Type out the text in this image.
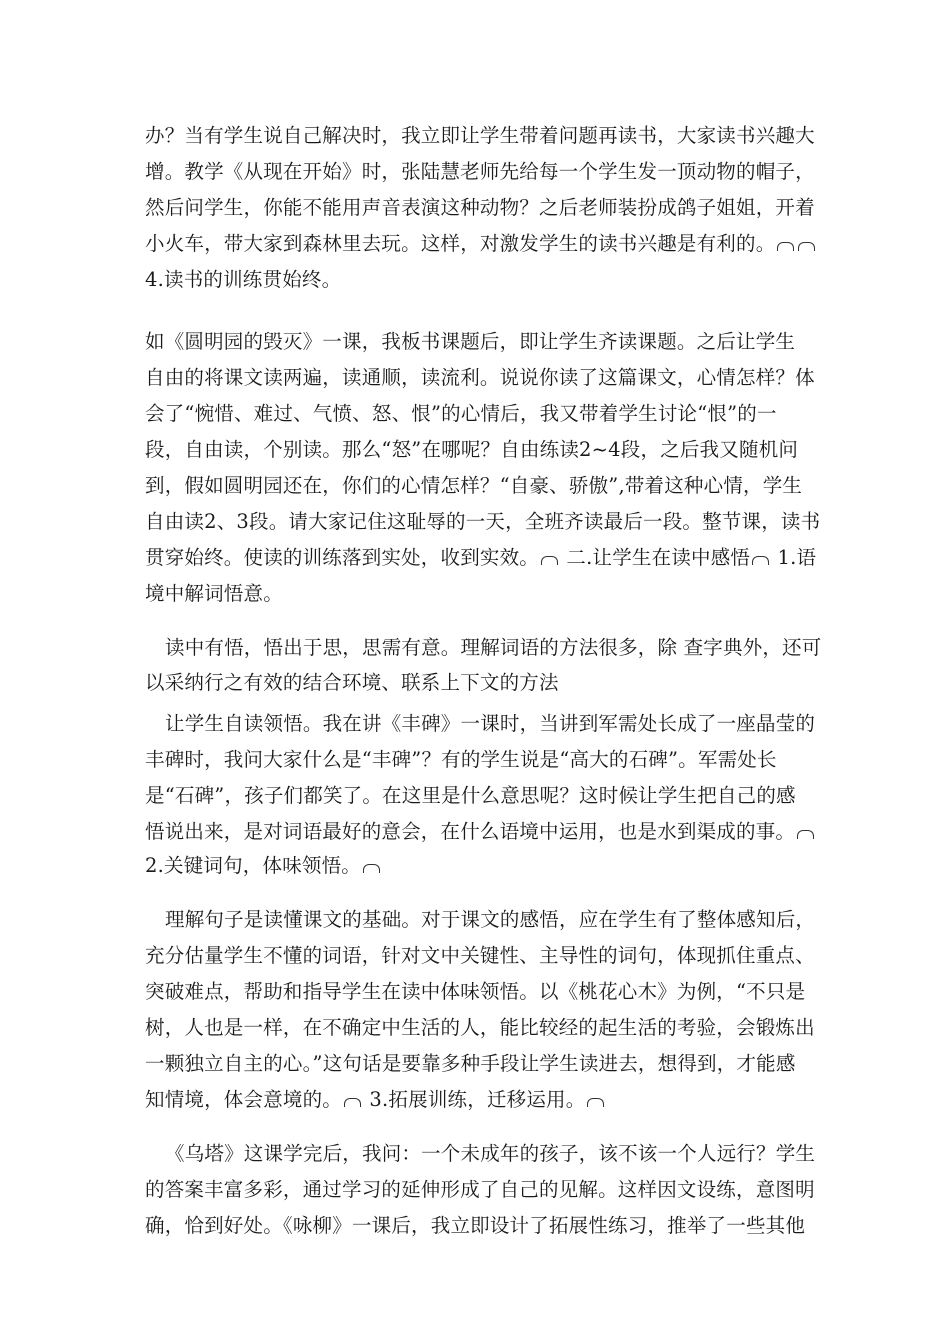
办？当有学生说自己解决时，我立即让学生带着问题再读书，大家读书兴趣大
增。教学《从现在开始》时，张陆慧老师先给每一个学生发一顶动物的帽子，
然后问学生，你能不能用声音表演这种动物？之后老师装扮成鸽子姐姐，开着
小火车，带大家到森林里去玩。这样，对激发学生的读书兴趣是有利的。
4.读书的训练贯始终。
如《圆明园的毁灭》一课，我板书课题后，即让学生齐读课题。之后让学生
自由的将课文读两遍，读通顺，读流利。说说你读了这篇课文，心情怎样？体
会了“惋惜、难过、气愤、怒、恨”的心情后，我又带着学生讨论“恨”的一
段，自由读，个别读。那么“怒”在哪呢？自由练读2~4段，之后我又随机问
到，假如圆明园还在，你们的心情怎样？“自豪、骄傲”,带着这种心情，学生
自由读2、3段。请大家记住这耻辱的一天，全班齐读最后一段。整节课，读书
贯穿始终。使读的训练落到实处，收到实效。 二.让学生在读中感悟 1.语
境中解词悟意。
读中有悟，悟出于思，思需有意。理解词语的方法很多，除 查字典外，还可
以采纳行之有效的结合环境、联系上下文的方法
让学生自读领悟。我在讲《丰碑》一课时，当讲到军需处长成了一座晶莹的
丰碑时，我问大家什么是“丰碑”？有的学生说是“高大的石碑”。军需处长
是“石碑”，孩子们都笑了。在这里是什么意思呢？这时候让学生把自己的感
悟说出来，是对词语最好的意会，在什么语境中运用，也是水到渠成的事。
2.关键词句，体味领悟。
理解句子是读懂课文的基础。对于课文的感悟，应在学生有了整体感知后，
充分估量学生不懂的词语，针对文中关键性、主导性的词句，体现抓住重点、
突破难点，帮助和指导学生在读中体味领悟。以《桃花心木》为例，“不只是
树，人也是一样，在不确定中生活的人，能比较经的起生活的考验，会锻炼出
一颗独立自主的心。”这句话是要靠多种手段让学生读进去，想得到，才能感
知情境，体会意境的。 3.拓展训练，迁移运用。
《乌塔》这课学完后，我问：一个未成年的孩子，该不该一个人远行？学生
的答案丰富多彩，通过学习的延伸形成了自己的见解。这样因文设练，意图明
确，恰到好处。《咏柳》一课后，我立即设计了拓展性练习，推举了一些其他
